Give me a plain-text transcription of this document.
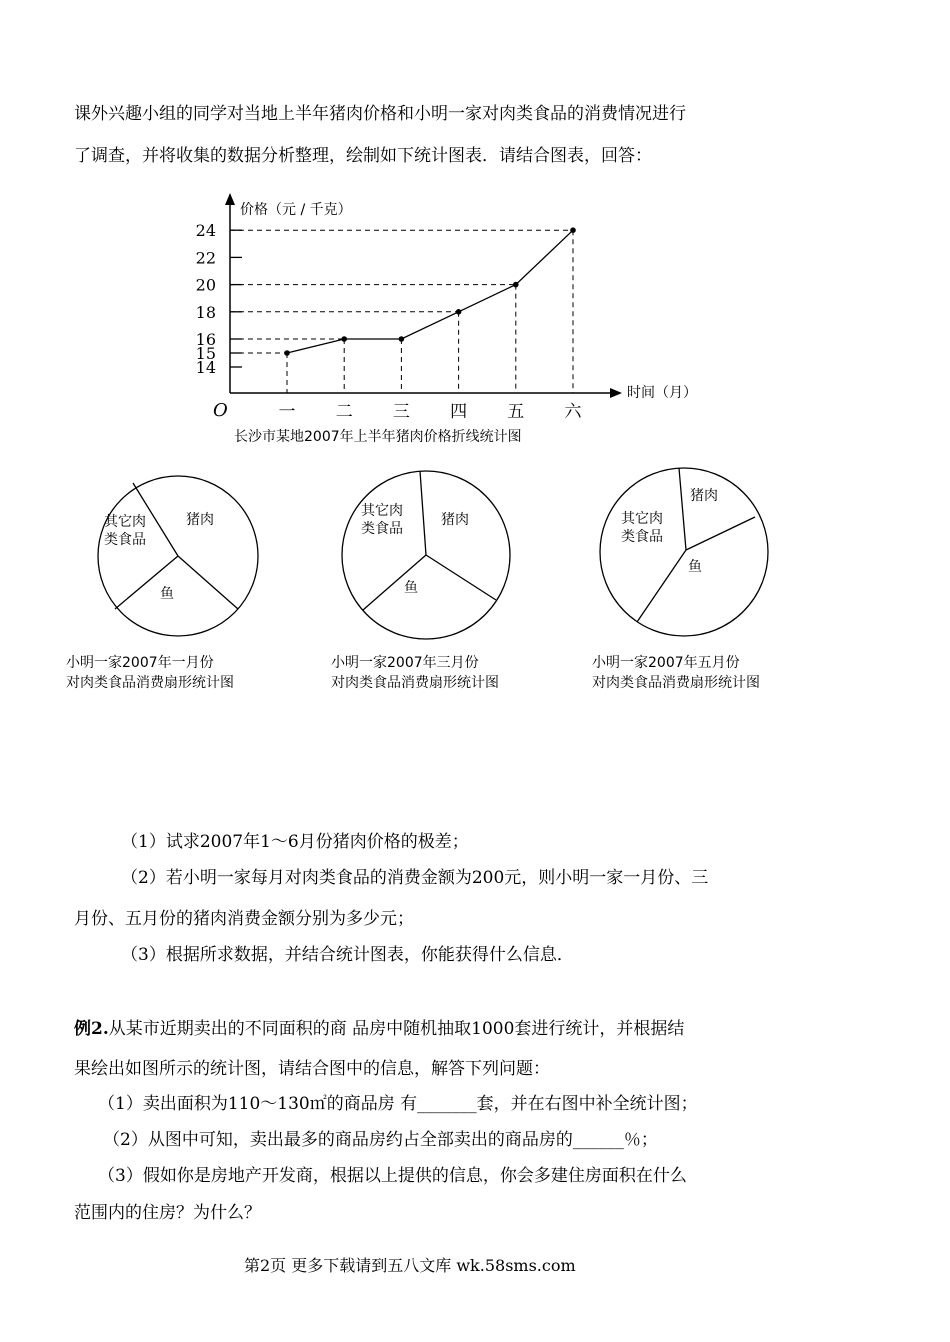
课外兴趣小组的同学对当地上半年猪肉价格和小明一家对肉类食品的消费情况进行
了调查，并将收集的数据分析整理，绘制如下统计图表．请结合图表，回答：
14
15
16
18
20
22
24
一 二 三 四 五 六
价格（元 / 千克）
时间（月）
O
长沙市某地2007年上半年猪肉价格折线统计图
猪肉
鱼
其它肉
类食品
猪肉
鱼
其它肉
类食品
猪肉
鱼
其它肉
类食品
小明一家2007年一月份
对肉类食品消费扇形统计图
小明一家2007年三月份
对肉类食品消费扇形统计图
小明一家2007年五月份
对肉类食品消费扇形统计图
（1）试求2007年1～6月份猪肉价格的极差；
（2）若小明一家每月对肉类食品的消费金额为200元，则小明一家一月份、三
月份、五月份的猪肉消费金额分别为多少元；
（3）根据所求数据，并结合统计图表，你能获得什么信息．
例2.从某市近期卖出的不同面积的商 品房中随机抽取1000套进行统计，并根据结
果绘出如图所示的统计图，请结合图中的信息，解答下列问题：
（1）卖出面积为110～130㎡的商品房 有_______套，并在右图中补全统计图；
（2）从图中可知，卖出最多的商品房约占全部卖出的商品房的______％；
（3）假如你是房地产开发商，根据以上提供的信息，你会多建住房面积在什么
范围内的住房？为什么？
第2页 更多下载请到五八文库 wk.58sms.com
